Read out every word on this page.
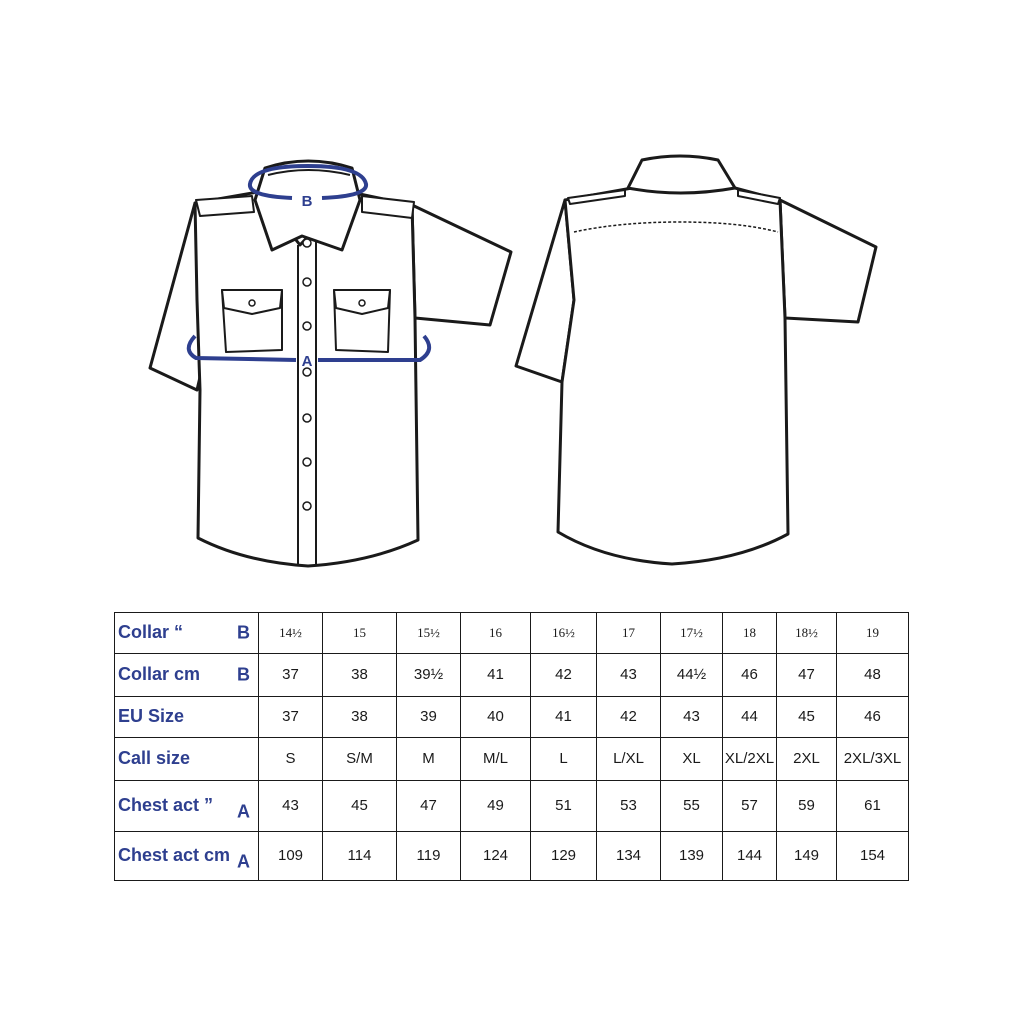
B
A
Collar “ B	14½	15	15½	16	16½	17	17½	18	18½	19
Collar cm B	37	38	39½	41	42	43	44½	46	47	48
EU Size	37	38	39	40	41	42	43	44	45	46
Call size	S	S/M	M	M/L	L	L/XL	XL	XL/2XL	2XL	2XL/3XL
Chest act ” A	43	45	47	49	51	53	55	57	59	61
Chest act cm A	109	114	119	124	129	134	139	144	149	154
